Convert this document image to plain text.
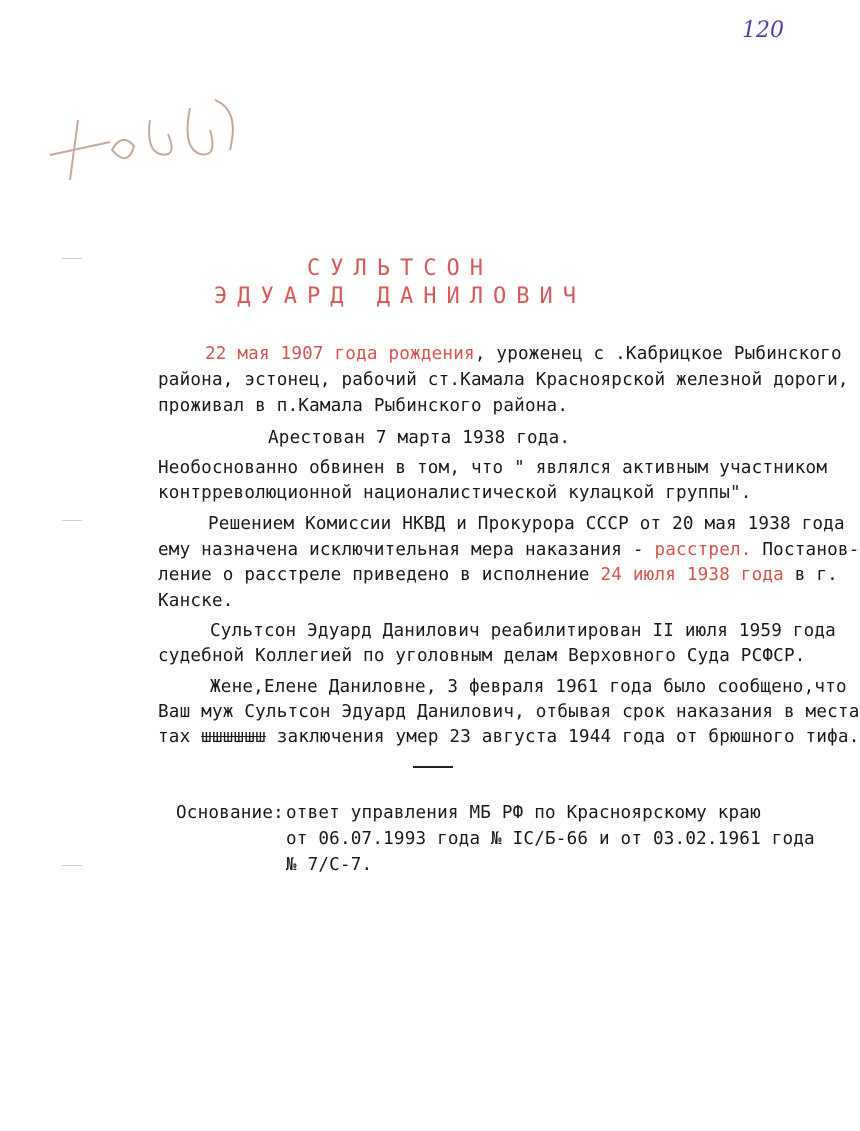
120
СУЛЬТСОН
ЭДУАРД ДАНИЛОВИЧ
22 мая 1907 года рождения, уроженец с .Кабрицкое Рыбинского
района, эстонец, рабочий ст.Камала Красноярской железной дороги,
проживал в п.Камала Рыбинского района.
Арестован 7 марта 1938 года.
Необоснованно обвинен в том, что " являлся активным участником
контрреволюционной националистической кулацкой группы".
Решением Комиссии НКВД и Прокурора СССР от 20 мая 1938 года
ему назначена исключительная мера наказания - расстрел. Постанов-
ление о расстреле приведено в исполнение 24 июля 1938 года в г.
Канске.
Сультсон Эдуард Данилович реабилитирован II июля 1959 года
судебной Коллегией по уголовным делам Верховного Суда РСФСР.
Жене,Елене Даниловне, 3 февраля 1961 года было сообщено,что
Ваш муж Сультсон Эдуард Данилович, отбывая срок наказания в места
тах шшшшшш заключения умер 23 августа 1944 года от брюшного тифа.
Основание: ответ управления МБ РФ по Красноярскому краю
от 06.07.1993 года № IC/Б-66 и от 03.02.1961 года
№ 7/С-7.
